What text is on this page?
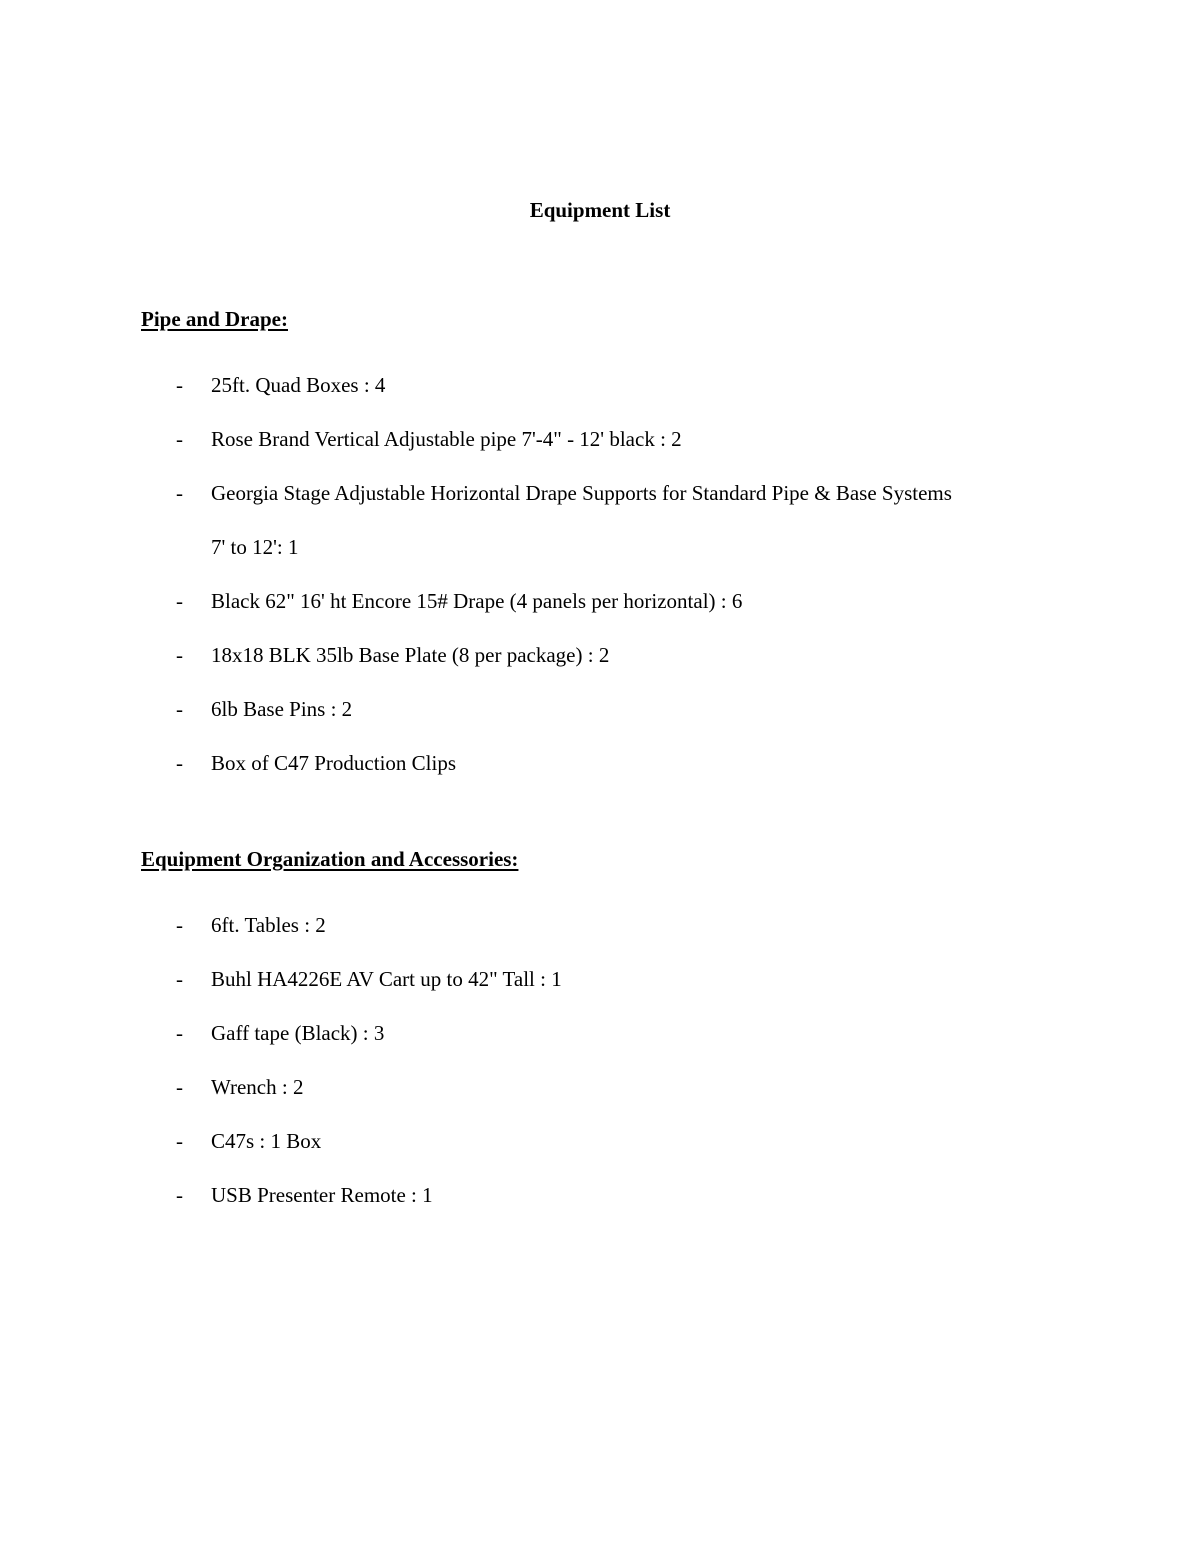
Equipment List
Pipe and Drape:
-	25ft. Quad Boxes : 4
-	Rose Brand Vertical Adjustable pipe 7'-4" - 12' black : 2
-	Georgia Stage Adjustable Horizontal Drape Supports for Standard Pipe & Base Systems
7' to 12': 1
-	Black 62" 16' ht Encore 15# Drape (4 panels per horizontal) : 6
-	18x18 BLK 35lb Base Plate (8 per package) : 2
-	6lb Base Pins : 2
-	Box of C47 Production Clips
Equipment Organization and Accessories:
-	6ft. Tables : 2
-	Buhl HA4226E AV Cart up to 42" Tall : 1
-	Gaff tape (Black) : 3
-	Wrench : 2
-	C47s : 1 Box
-	USB Presenter Remote : 1
